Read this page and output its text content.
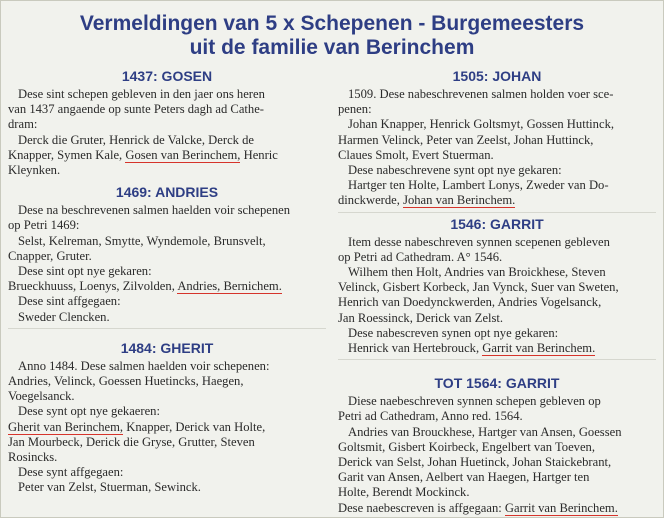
Vermeldingen van 5 x Schepenen - Burgemeesters
uit de familie van Berinchem
1437: GOSEN
Dese sint schepen gebleven in den jaer ons heren
van 1437 angaende op sunte Peters dagh ad Cathe-
dram:
Derck die Gruter, Henrick de Valcke, Derck de
Knapper, Symen Kale, Gosen van Berinchem, Henric
Kleynken.
1469: ANDRIES
Dese na beschrevenen salmen haelden voir schepenen
op Petri 1469:
Selst, Kelreman, Smytte, Wyndemole, Brunsvelt,
Cnapper, Gruter.
Dese sint opt nye gekaren:
Brueckhuuss, Loenys, Zilvolden, Andries, Bernichem.
Dese sint affgegaen:
Sweder Clencken.
1484: GHERIT
Anno 1484. Dese salmen haelden voir schepenen:
Andries, Velinck, Goessen Huetincks, Haegen,
Voegelsanck.
Dese synt opt nye gekaeren:
Gherit van Berinchem, Knapper, Derick van Holte,
Jan Mourbeck, Derick die Gryse, Grutter, Steven
Rosincks.
Dese synt affgegaen:
Peter van Zelst, Stuerman, Sewinck.
1505: JOHAN
1509. Dese nabeschrevenen salmen holden voer sce-
penen:
Johan Knapper, Henrick Goltsmyt, Gossen Huttinck,
Harmen Velinck, Peter van Zeelst, Johan Huttinck,
Claues Smolt, Evert Stuerman.
Dese nabeschrevene synt opt nye gekaren:
Hartger ten Holte, Lambert Lonys, Zweder van Do-
dinckwerde, Johan van Berinchem.
1546: GARRIT
Item desse nabeschreven synnen scepenen gebleven
op Petri ad Cathedram. A° 1546.
Wilhem then Holt, Andries van Broickhese, Steven
Velinck, Gisbert Korbeck, Jan Vynck, Suer van Sweten,
Henrich van Doedynckwerden, Andries Vogelsanck,
Jan Roessinck, Derick van Zelst.
Dese nabescreven synen opt nye gekaren:
Henrick van Hertebrouck, Garrit van Berinchem.
TOT 1564: GARRIT
Diese naebeschreven synnen schepen gebleven op
Petri ad Cathedram, Anno red. 1564.
Andries van Brouckhese, Hartger van Ansen, Goessen
Goltsmit, Gisbert Koirbeck, Engelbert van Toeven,
Derick van Selst, Johan Huetinck, Johan Staickebrant,
Garit van Ansen, Aelbert van Haegen, Hartger ten
Holte, Berendt Mockinck.
Dese naebescreven is affgegaan: Garrit van Berinchem.
